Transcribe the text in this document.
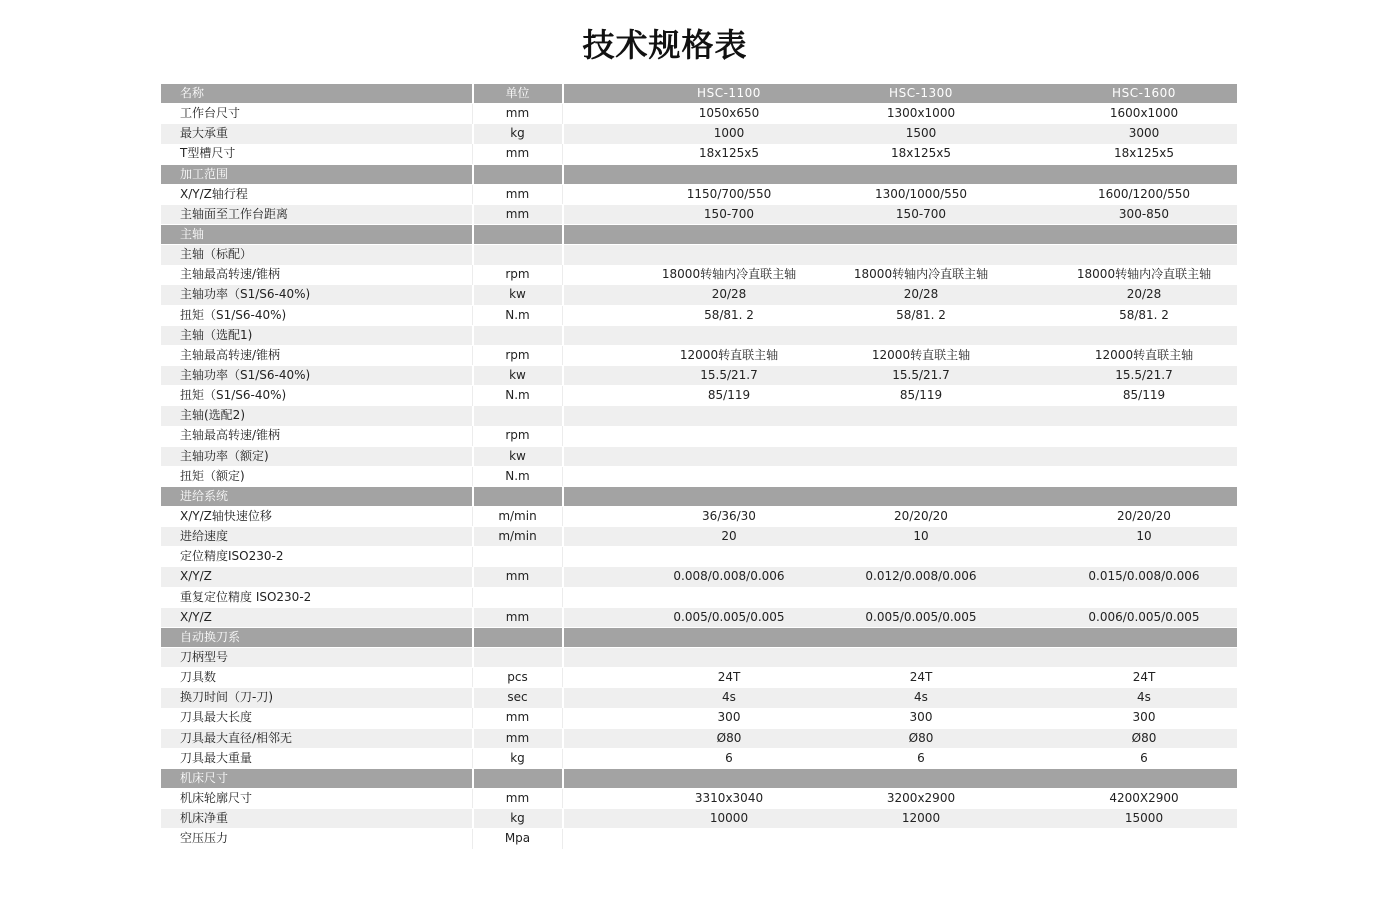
技术规格表
名称	单位	HSC-1100	HSC-1300	HSC-1600
工作台尺寸	mm	1050x650	1300x1000	1600x1000
最大承重	kg	1000	1500	3000
T型槽尺寸	mm	18x125x5	18x125x5	18x125x5
加工范围
X/Y/Z轴行程	mm	1150/700/550	1300/1000/550	1600/1200/550
主轴面至工作台距离	mm	150-700	150-700	300-850
主轴
主轴（标配）
主轴最高转速/锥柄	rpm	18000转轴内冷直联主轴	18000转轴内冷直联主轴	18000转轴内冷直联主轴
主轴功率（S1/S6-40%)	kw	20/28	20/28	20/28
扭矩（S1/S6-40%)	N.m	58/81. 2	58/81. 2	58/81. 2
主轴（选配1)
主轴最高转速/锥柄	rpm	12000转直联主轴	12000转直联主轴	12000转直联主轴
主轴功率（S1/S6-40%)	kw	15.5/21.7	15.5/21.7	15.5/21.7
扭矩（S1/S6-40%)	N.m	85/119	85/119	85/119
主轴(选配2)
主轴最高转速/锥柄	rpm
主轴功率（额定)	kw
扭矩（额定)	N.m
进给系统
X/Y/Z轴快速位移	m/min	36/36/30	20/20/20	20/20/20
进给速度	m/min	20	10	10
定位精度ISO230-2
X/Y/Z	mm	0.008/0.008/0.006	0.012/0.008/0.006	0.015/0.008/0.006
重复定位精度 ISO230-2
X/Y/Z	mm	0.005/0.005/0.005	0.005/0.005/0.005	0.006/0.005/0.005
自动换刀系
刀柄型号
刀具数	pcs	24T	24T	24T
换刀时间（刀-刀)	sec	4s	4s	4s
刀具最大长度	mm	300	300	300
刀具最大直径/相邻无	mm	Ø80	Ø80	Ø80
刀具最大重量	kg	6	6	6
机床尺寸
机床轮廓尺寸	mm	3310x3040	3200x2900	4200X2900
机床净重	kg	10000	12000	15000
空压压力	Mpa
